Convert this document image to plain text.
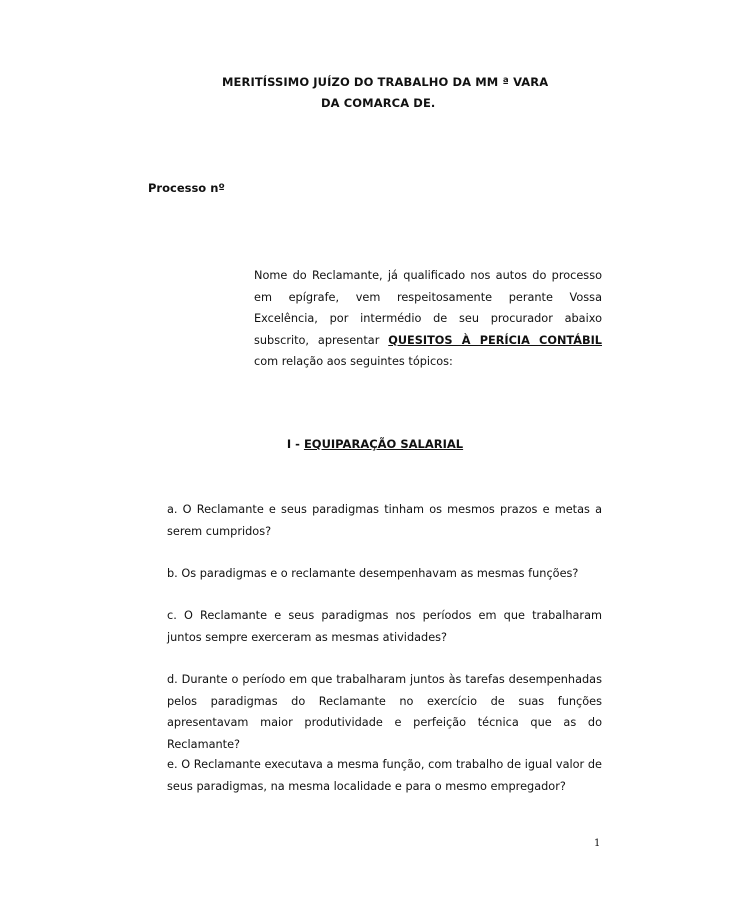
MERITÍSSIMO JUÍZO DO TRABALHO DA MM ª VARA
DA COMARCA DE.
Processo nº
Nome do Reclamante, já qualificado nos autos do processo em epígrafe, vem respeitosamente perante Vossa Excelência, por intermédio de seu procurador abaixo subscrito, apresentar QUESITOS À PERÍCIA CONTÁBIL com relação aos seguintes tópicos:
I - EQUIPARAÇÃO SALARIAL
a. O Reclamante e seus paradigmas tinham os mesmos prazos e metas a serem cumpridos?
b. Os paradigmas e o reclamante desempenhavam as mesmas funções?
c. O Reclamante e seus paradigmas nos períodos em que trabalharam juntos sempre exerceram as mesmas atividades?
d. Durante o período em que trabalharam juntos às tarefas desempenhadas pelos paradigmas do Reclamante no exercício de suas funções apresentavam maior produtividade e perfeição técnica que as do Reclamante?
e. O Reclamante executava a mesma função, com trabalho de igual valor de seus paradigmas, na mesma localidade e para o mesmo empregador?
1
